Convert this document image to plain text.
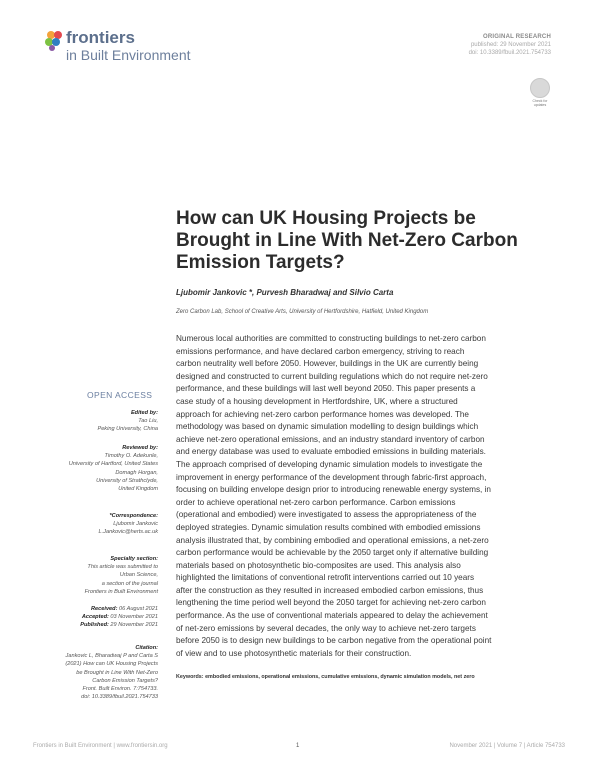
frontiers
in Built Environment
ORIGINAL RESEARCH
published: 29 November 2021
doi: 10.3389/fbuil.2021.754733
Check for updates
How can UK Housing Projects be
Brought in Line With Net-Zero Carbon
Emission Targets?
Ljubomir Jankovic *, Purvesh Bharadwaj and Silvio Carta
Zero Carbon Lab, School of Creative Arts, University of Hertfordshire, Hatfield, United Kingdom
Numerous local authorities are committed to constructing buildings to net-zero carbon
emissions performance, and have declared carbon emergency, striving to reach
carbon neutrality well before 2050. However, buildings in the UK are currently being
designed and constructed to current building regulations which do not require net-zero
performance, and these buildings will last well beyond 2050. This paper presents a
case study of a housing development in Hertfordshire, UK, where a structured
approach for achieving net-zero carbon performance homes was developed. The
methodology was based on dynamic simulation modelling to design buildings which
achieve net-zero operational emissions, and an industry standard inventory of carbon
and energy database was used to evaluate embodied emissions in building materials.
The approach comprised of developing dynamic simulation models to investigate the
improvement in energy performance of the development through fabric-first approach,
focusing on building envelope design prior to introducing renewable energy systems, in
order to achieve operational net-zero carbon performance. Carbon emissions
(operational and embodied) were investigated to assess the appropriateness of the
deployed strategies. Dynamic simulation results combined with embodied emissions
analysis illustrated that, by combining embodied and operational emissions, a net-zero
carbon performance would be achievable by the 2050 target only if alternative building
materials based on photosynthetic bio-composites are used. This analysis also
highlighted the limitations of conventional retrofit interventions carried out 10 years
after the construction as they resulted in increased embodied carbon emissions, thus
lengthening the time period well beyond the 2050 target for achieving net-zero carbon
performance. As the use of conventional materials appeared to delay the achievement
of net-zero emissions by several decades, the only way to achieve net-zero targets
before 2050 is to design new buildings to be carbon negative from the operational point
of view and to use photosynthetic materials for their construction.
Keywords: embodied emissions, operational emissions, cumulative emissions, dynamic simulation models, net zero
OPEN ACCESS
Edited by:
Tao Liu,
Peking University, China
Reviewed by:
Timothy O. Adekunle,
University of Hartford, United States
Domagh Horgan,
University of Strathclyde,
United Kingdom
*Correspondence:
Ljubomir Jankovic
L.Jankovic@herts.ac.uk
Specialty section:
This article was submitted to
Urban Science,
a section of the journal
Frontiers in Built Environment
Received: 06 August 2021
Accepted: 03 November 2021
Published: 29 November 2021
Citation:
Jankovic L, Bharadwaj P and Carta S
(2021) How can UK Housing Projects
be Brought in Line With Net-Zero
Carbon Emission Targets?
Front. Built Environ. 7:754733.
doi: 10.3389/fbuil.2021.754733
Frontiers in Built Environment | www.frontiersin.org	1	November 2021 | Volume 7 | Article 754733
